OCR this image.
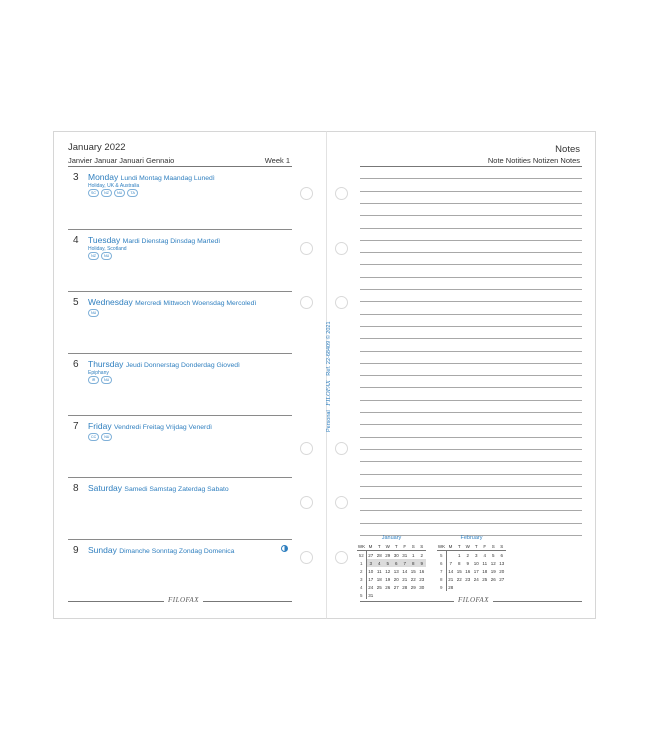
January 2022
Janvier Januar Januari Gennaio	Week 1
3 Monday Lundi Montag Maandag Lunedì
Holiday, UK & Australia
SC	NZ	NU	TA
4 Tuesday Mardi Dienstag Dinsdag Martedì
Holiday, Scotland
NZ	NU
5 Wednesday Mercredi Mittwoch Woensdag Mercoledì
NU
6 Thursday Jeudi Donnerstag Donderdag Giovedì
Epiphany
IR	NU
7 Friday Vendredi Freitag Vrijdag Venerdì
CC	NU
8 Saturday Samedi Samstag Zaterdag Sabato
9 Sunday Dimanche Sonntag Zondag Domenica
FILOFAX
Notes
Note Notities Notizen Notes
Personal FILOFAX Ref. 22-68409 © 2021
January
WK	M	T	W	T	F	S	S
52	27	28	29	30	31	1	2
1	3	4	5	6	7	8	9
2	10	11	12	13	14	15	16
3	17	18	19	20	21	22	23
4	24	25	26	27	28	29	30
5	31						
February
WK	M	T	W	T	F	S	S
5		1	2	3	4	5	6
6	7	8	9	10	11	12	13
7	14	15	16	17	18	19	20
8	21	22	23	24	25	26	27
9	28						
FILOFAX
